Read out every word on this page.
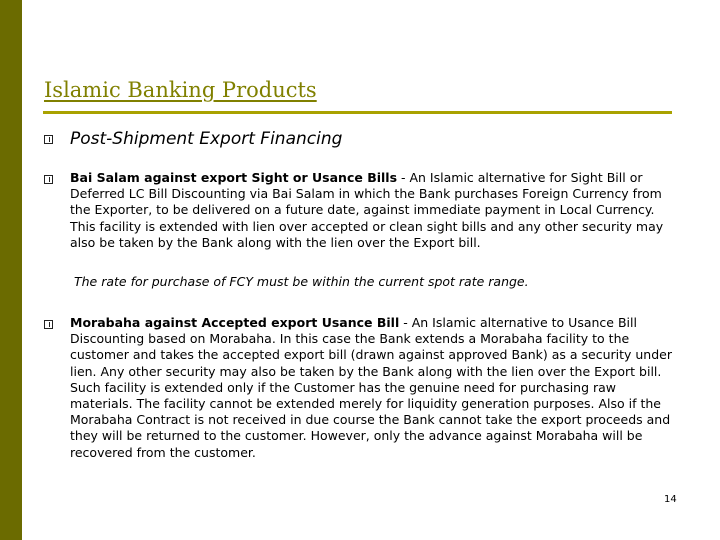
Islamic Banking Products
Post-Shipment Export Financing
Bai Salam against export Sight or Usance Bills - An Islamic alternative for Sight Bill or Deferred LC Bill Discounting via Bai Salam in which the Bank purchases Foreign Currency from the Exporter, to be delivered on a future date, against immediate payment in Local Currency. This facility is extended with lien over accepted or clean sight bills and any other security may also be taken by the Bank along with the lien over the Export bill.
The rate for purchase of FCY must be within the current spot rate range.
Morabaha against Accepted export Usance Bill - An Islamic alternative to Usance Bill Discounting based on Morabaha. In this case the Bank extends a Morabaha facility to the customer and takes the accepted export bill (drawn against approved Bank) as a security under lien. Any other security may also be taken by the Bank along with the lien over the Export bill. Such facility is extended only if the Customer has the genuine need for purchasing raw materials. The facility cannot be extended merely for liquidity generation purposes. Also if the Morabaha Contract is not received in due course the Bank cannot take the export proceeds and they will be returned to the customer. However, only the advance against Morabaha will be recovered from the customer.
14
